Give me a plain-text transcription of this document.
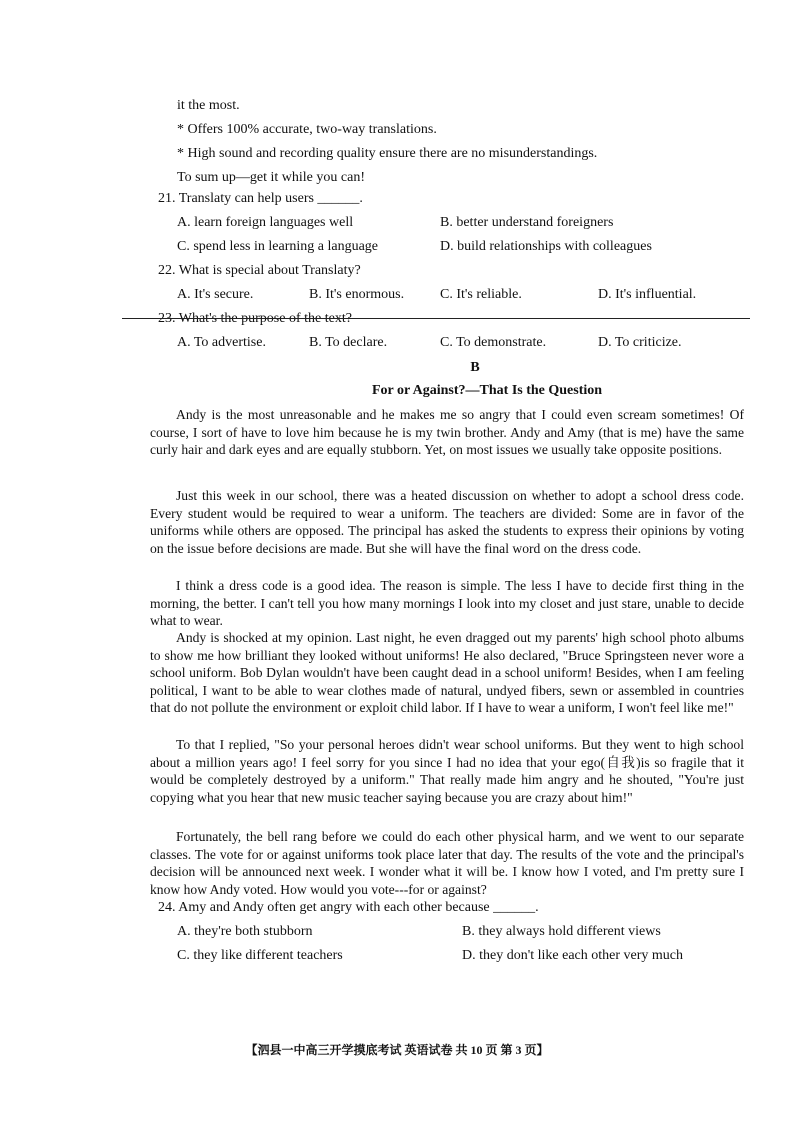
it the most.
* Offers 100% accurate, two-way translations.
* High sound and recording quality ensure there are no misunderstandings.
To sum up—get it while you can!
21. Translaty can help users ______.
A. learn foreign languages well	B. better understand foreigners
C. spend less in learning a language	D. build relationships with colleagues
22. What is special about Translaty?
A. It's secure.	B. It's enormous.	C. It's reliable.	D. It's influential.
23. What's the purpose of the text?
A. To advertise.	B. To declare.	C. To demonstrate.	D. To criticize.
B
For or Against?—That Is the Question
Andy is the most unreasonable and he makes me so angry that I could even scream sometimes! Of course, I sort of have to love him because he is my twin brother. Andy and Amy (that is me) have the same curly hair and dark eyes and are equally stubborn. Yet, on most issues we usually take opposite positions.
Just this week in our school, there was a heated discussion on whether to adopt a school dress code. Every student would be required to wear a uniform. The teachers are divided: Some are in favor of the uniforms while others are opposed. The principal has asked the students to express their opinions by voting on the issue before decisions are made. But she will have the final word on the dress code.
I think a dress code is a good idea. The reason is simple. The less I have to decide first thing in the morning, the better. I can't tell you how many mornings I look into my closet and just stare, unable to decide what to wear.
Andy is shocked at my opinion. Last night, he even dragged out my parents' high school photo albums to show me how brilliant they looked without uniforms! He also declared, "Bruce Springsteen never wore a school uniform. Bob Dylan wouldn't have been caught dead in a school uniform! Besides, when I am feeling political, I want to be able to wear clothes made of natural, undyed fibers, sewn or assembled in countries that do not pollute the environment or exploit child labor. If I have to wear a uniform, I won't feel like me!"
To that I replied, "So your personal heroes didn't wear school uniforms. But they went to high school about a million years ago! I feel sorry for you since I had no idea that your ego(自我)is so fragile that it would be completely destroyed by a uniform." That really made him angry and he shouted, "You're just copying what you hear that new music teacher saying because you are crazy about him!"
Fortunately, the bell rang before we could do each other physical harm, and we went to our separate classes. The vote for or against uniforms took place later that day. The results of the vote and the principal's decision will be announced next week. I wonder what it will be. I know how I voted, and I'm pretty sure I know how Andy voted. How would you vote---for or against?
24. Amy and Andy often get angry with each other because ______.
A. they're both stubborn	B. they always hold different views
C. they like different teachers	D. they don't like each other very much
【泗县一中高三开学摸底考试 英语试卷 共 10 页 第 3 页】
